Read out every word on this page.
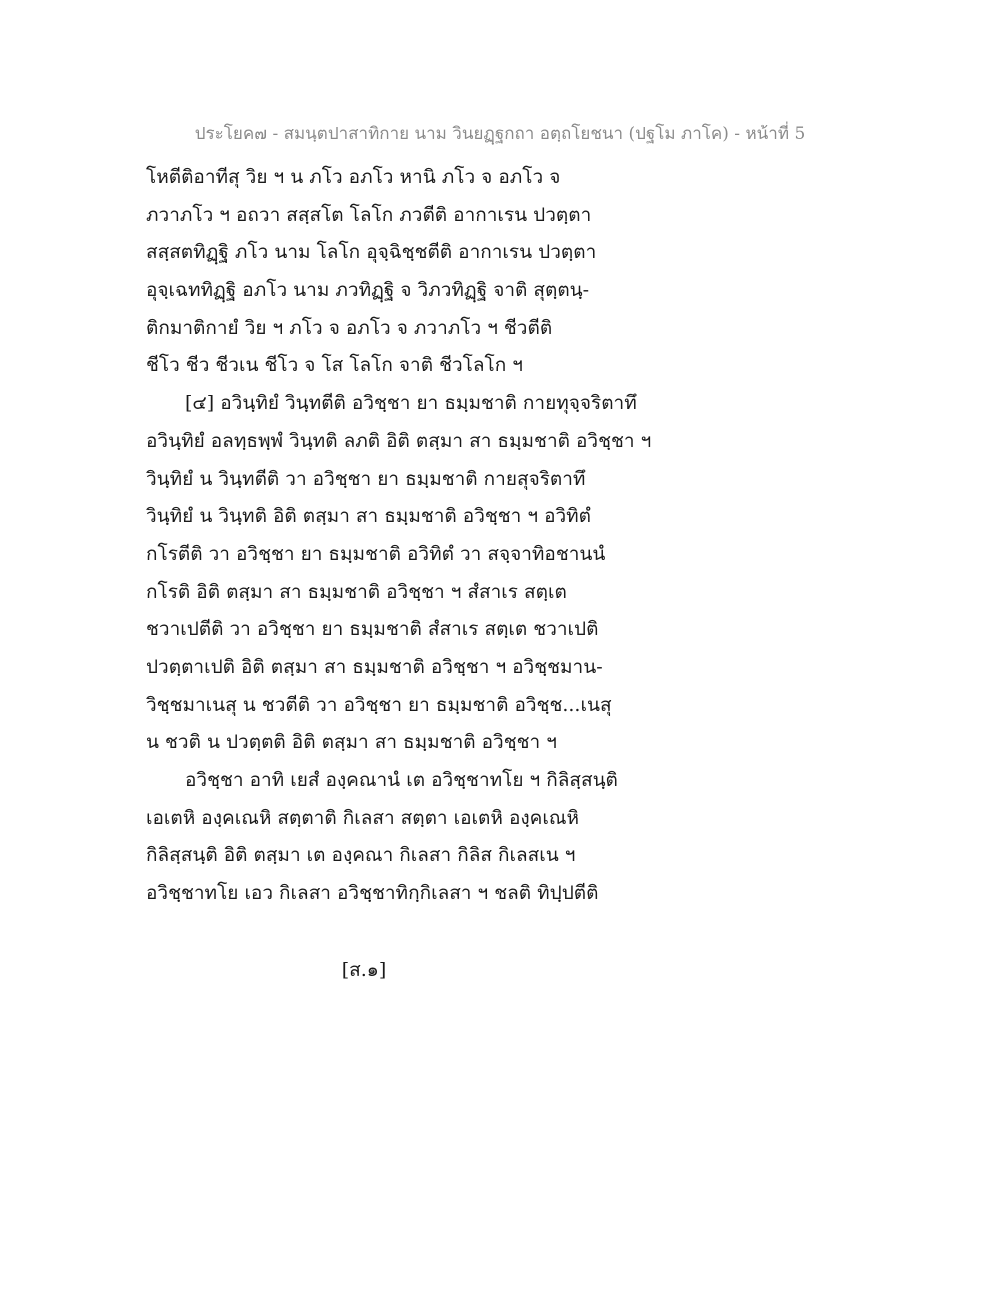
ประโยค๗ - สมนฺตปาสาทิกาย นาม วินยฏฺฐกถา อตฺถโยชนา (ปฐโม ภาโค) - หน้าที่ 5
โหตีติอาทีสุ วิย ฯ น ภโว อภโว หานิ ภโว จ อภโว จ
ภวาภโว ฯ อถวา สสฺสโต โลโก ภวตีติ อากาเรน ปวตฺตา
สสฺสตทิฏฺฐิ ภโว นาม โลโก อุจฺฉิชฺชตีติ อากาเรน ปวตฺตา
อุจฺเฉททิฏฺฐิ อภโว นาม ภวทิฏฺฐิ จ วิภวทิฏฺฐิ จาติ สุตฺตนฺ-
ติกมาติกายํ วิย ฯ ภโว จ อภโว จ ภวาภโว ฯ ชีวตีติ
ชีโว ชีว ชีวเน ชีโว จ โส โลโก จาติ ชีวโลโก ฯ
[๔] อวินฺทิยํ วินฺทตีติ อวิชฺชา ยา ธมฺมชาติ กายทุจฺจริตาทึ
อวินฺทิยํ อลทฺธพฺพํ วินฺทติ ลภติ อิติ ตสฺมา สา ธมฺมชาติ อวิชฺชา ฯ
วินฺทิยํ น วินฺทตีติ วา อวิชฺชา ยา ธมฺมชาติ กายสุจริตาทึ
วินฺทิยํ น วินฺทติ อิติ ตสฺมา สา ธมฺมชาติ อวิชฺชา ฯ อวิทิตํ
กโรตีติ วา อวิชฺชา ยา ธมฺมชาติ อวิทิตํ วา สจฺจาทิอชานนํ
กโรติ อิติ ตสฺมา สา ธมฺมชาติ อวิชฺชา ฯ สํสาเร สตฺเต
ชวาเปตีติ วา อวิชฺชา ยา ธมฺมชาติ สํสาเร สตฺเต ชวาเปติ
ปวตฺตาเปติ อิติ ตสฺมา สา ธมฺมชาติ อวิชฺชา ฯ อวิชฺชมาน-
วิชฺชมาเนสุ น ชวตีติ วา อวิชฺชา ยา ธมฺมชาติ อวิชฺช...เนสุ
น ชวติ น ปวตฺตติ อิติ ตสฺมา สา ธมฺมชาติ อวิชฺชา ฯ
อวิชฺชา อาทิ เยสํ องฺคณานํ เต อวิชฺชาทโย ฯ กิลิสฺสนฺติ
เอเตหิ องฺคเณหิ สตฺตาติ กิเลสา สตฺตา เอเตหิ องฺคเณหิ
กิลิสฺสนฺติ อิติ ตสฺมา เต องฺคณา กิเลสา กิลิส กิเลสเน ฯ
อวิชฺชาทโย เอว กิเลสา อวิชฺชาทิกฺกิเลสา ฯ ชลติ ทิปฺปตีติ
[ส.๑]
